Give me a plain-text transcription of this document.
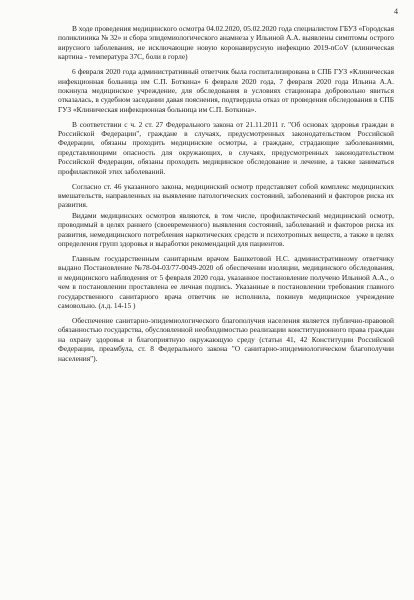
4

В ходе проведения медицинского осмотра 04.02.2020, 05.02.2020 года специалистом ГБУЗ «Городская поликлиника № 32» и сбора эпидемиологического анамнеза у Ильиной А.А. выявлены симптомы острого вирусного заболевания, не исключающие новую коронавирусную инфекцию 2019-nCoV (клиническая картина - температура 37С, боли в горле)

6 февраля 2020 года административный ответчик была госпитализирована в СПБ ГУЗ «Клиническая инфекционная больница им С.П. Боткина» 6 февраля 2020 года, 7 февраля 2020 года Ильина А.А. покинула медицинское учреждение, для обследования в условиях стационара добровольно явиться отказалась, в судебном заседании давая пояснения, подтвердила отказ от проведения обследования в СПБ ГУЗ «Клиническая инфекционная больница им С.П. Боткина».

В соответствии с ч. 2 ст. 27 Федерального закона от 21.11.2011 г. "Об основах здоровья граждан в Российской Федерации", граждане в случаях, предусмотренных законодательством Российской Федерации, обязаны проходить медицинские осмотры, а граждане, страдающие заболеваниями, представляющими опасность для окружающих, в случаях, предусмотренных законодательством Российской Федерации, обязаны проходить медицинское обследование и лечение, а также заниматься профилактикой этих заболеваний.

Согласно ст. 46 указанного закона, медицинский осмотр представляет собой комплекс медицинских вмешательств, направленных на выявление патологических состояний, заболеваний и факторов риска их развития.

Видами медицинских осмотров являются, в том числе, профилактический медицинский осмотр, проводимый в целях раннего (своевременного) выявления состояний, заболеваний и факторов риска их развития, немедицинского потребления наркотических средств и психотропных веществ, а также в целях определения групп здоровья и выработки рекомендаций для пациентов.

Главным государственным санитарным врачом Башкетовой Н.С. административному ответчику выдано Постановление №78-04-03/77-0049-2020 об обеспечении изоляции, медицинского обследования, и медицинского наблюдения от 5 февраля 2020 года, указанное постановление получено Ильиной А.А., о чем в постановлении проставлена ее личная подпись. Указанные в постановлении требования главного государственного санитарного врача ответчик не исполнила, покинув медицинское учреждение самовольно. (л.д. 14-15 )

Обеспечение санитарно-эпидемиологического благополучия населения является публично-правовой обязанностью государства, обусловленной необходимостью реализации конституционного права граждан на охрану здоровья и благоприятную окружающую среду (статьи 41, 42 Конституции Российской Федерации, преамбула, ст. 8 Федерального закона "О санитарно-эпидемиологическом благополучии населения").
